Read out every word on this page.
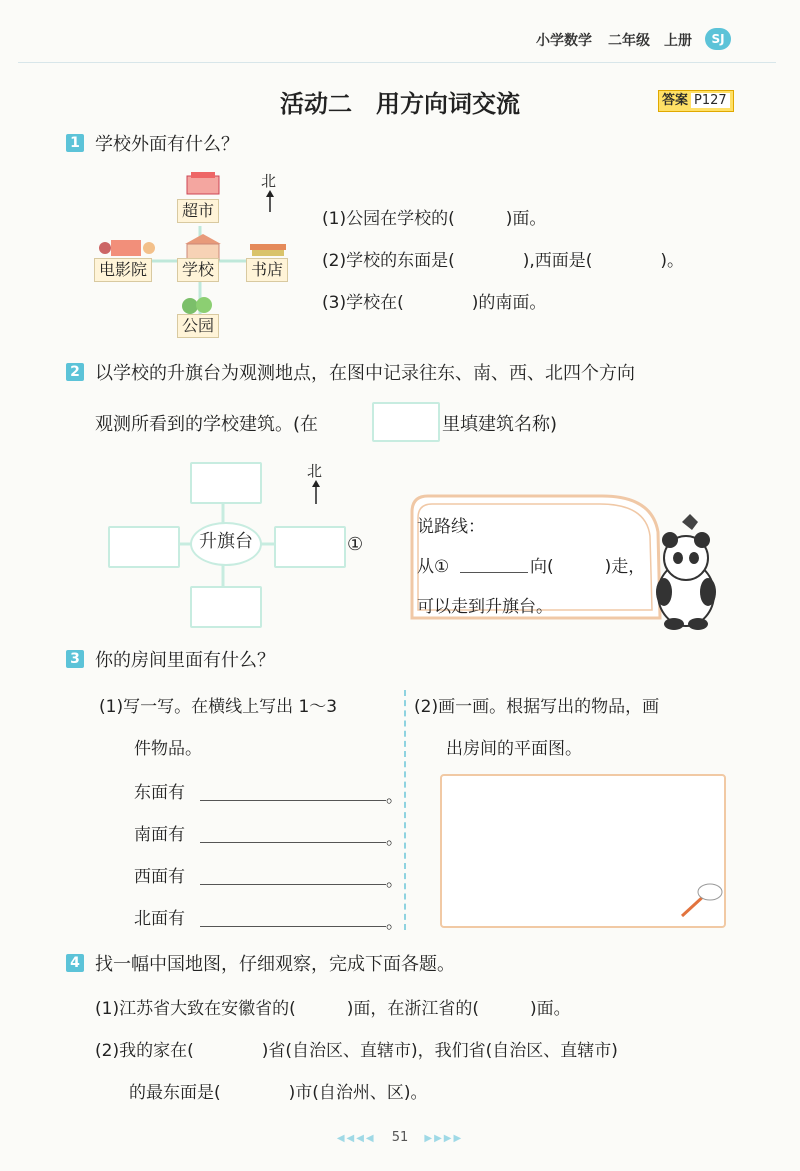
小学数学 二年级 上册	SJ
活动二　用方向词交流	答案 P127
1 学校外面有什么？
超市
电影院	学校	书店
公园
北
(1)公园在学校的(　　　)面。
(2)学校的东面是(　　　　),西面是(　　　　)。
(3)学校在(　　　　)的南面。
2 以学校的升旗台为观测地点，在图中记录往东、南、西、北四个方向
观测所看到的学校建筑。(在	里填建筑名称)
北
升旗台	①
说路线：
从①	向(　　　)走，
可以走到升旗台。
3 你的房间里面有什么？
(1)写一写。在横线上写出 1～3
件物品。
东面有	。
南面有	。
西面有	。
北面有	。
(2)画一画。根据写出的物品，画
出房间的平面图。
4 找一幅中国地图，仔细观察，完成下面各题。
(1)江苏省大致在安徽省的(　　　)面，在浙江省的(　　　)面。
(2)我的家在(　　　　)省(自治区、直辖市)，我们省(自治区、直辖市)
的最东面是(　　　　)市(自治州、区)。
◀◀◀◀ 51 ▶▶▶▶
